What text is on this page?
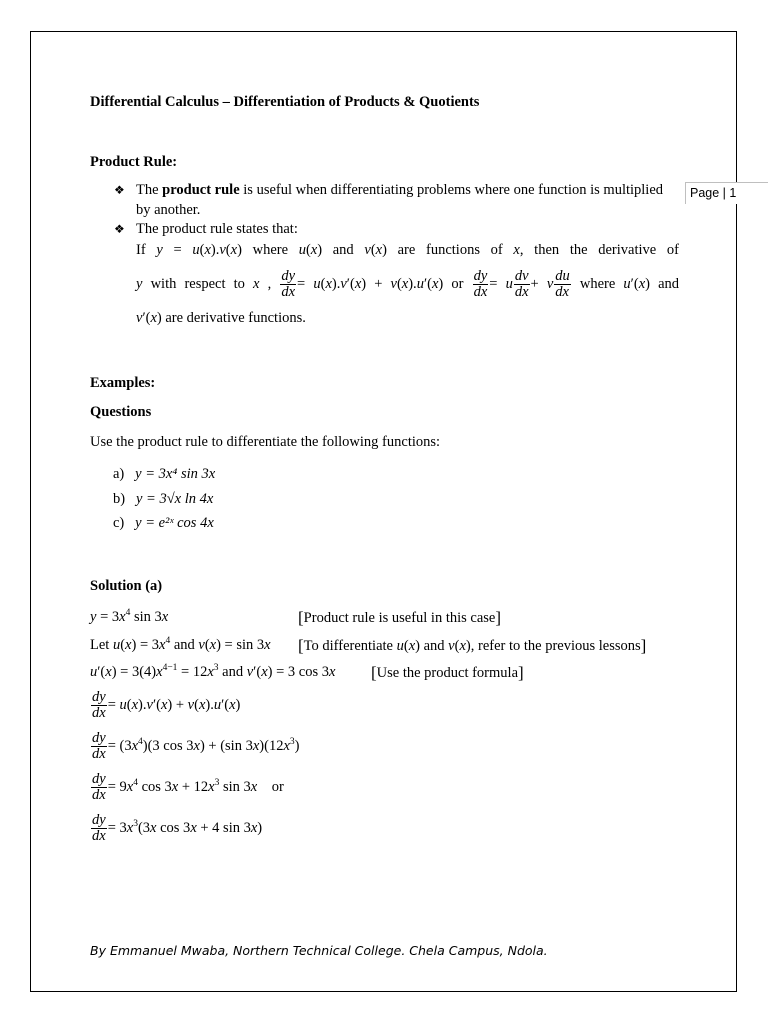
Page | 1
Differential Calculus – Differentiation of Products & Quotients
Product Rule:
❖ The product rule is useful when differentiating problems where one function is multiplied
by another.
❖ The product rule states that:
If y = u(x).v(x) where u(x) and v(x) are functions of x, then the derivative of
y with respect to x , $\frac{dy}{dx} = u(x).v'(x) + v(x).u'(x)$ or $\frac{dy}{dx} = u \frac{dv}{dx} + v \frac{du}{dx}$ where u′(x) and
v′(x) are derivative functions.
Examples:
Questions
Use the product rule to differentiate the following functions:
a) y = 3x⁴ sin 3x
b) y = 3√x ln 4x
c) y = e²ˣ cos 4x
Solution (a)
$y = 3x^4$ sin 3x	[Product rule is useful in this case]
Let $u(x) = 3x^4$ and v(x) = sin 3x [To differentiate u(x) and v(x), refer to the previous lessons]
$u'(x) = 3(4)x^{4-1} = 12x^3$ and v′(x) = 3 cos 3x [Use the product formula]
$\frac{dy}{dx} = u(x).v'(x) + v(x).u'(x)$
$\frac{dy}{dx} = (3x^4)(3$ cos 3x) + (sin $3x)(12x^3)$
$\frac{dy}{dx} = 9x^4$ $\cos 3x + 12x^3$ sin 3x or
$\frac{dy}{dx} = 3x^3(3x$ cos 3x + 4 sin 3x)
By Emmanuel Mwaba, Northern Technical College. Chela Campus, Ndola.
